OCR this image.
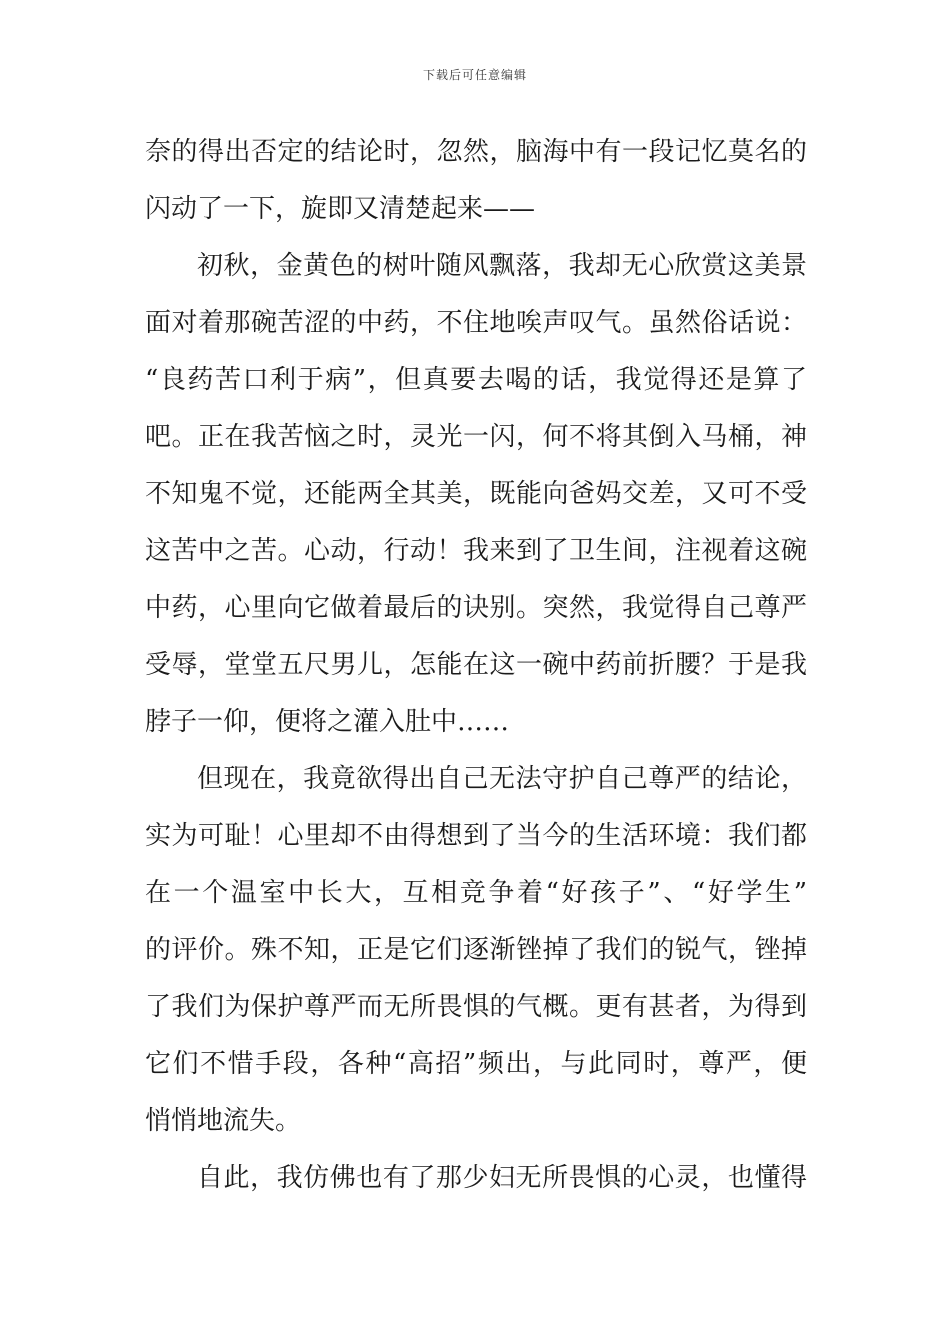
下载后可任意编辑
奈的得出否定的结论时，忽然，脑海中有一段记忆莫名的
闪动了一下，旋即又清楚起来——
初秋，金黄色的树叶随风飘落，我却无心欣赏这美景
面对着那碗苦涩的中药，不住地唉声叹气。虽然俗话说：
“良药苦口利于病”，但真要去喝的话，我觉得还是算了
吧。正在我苦恼之时，灵光一闪，何不将其倒入马桶，神
不知鬼不觉，还能两全其美，既能向爸妈交差，又可不受
这苦中之苦。心动，行动！我来到了卫生间，注视着这碗
中药，心里向它做着最后的诀别。突然，我觉得自己尊严
受辱，堂堂五尺男儿，怎能在这一碗中药前折腰？于是我
脖子一仰，便将之灌入肚中……
但现在，我竟欲得出自己无法守护自己尊严的结论，
实为可耻！心里却不由得想到了当今的生活环境：我们都
在一个温室中长大，互相竞争着“好孩子”、“好学生”
的评价。殊不知，正是它们逐渐锉掉了我们的锐气，锉掉
了我们为保护尊严而无所畏惧的气概。更有甚者，为得到
它们不惜手段，各种“高招”频出，与此同时，尊严，便
悄悄地流失。
自此，我仿佛也有了那少妇无所畏惧的心灵，也懂得
